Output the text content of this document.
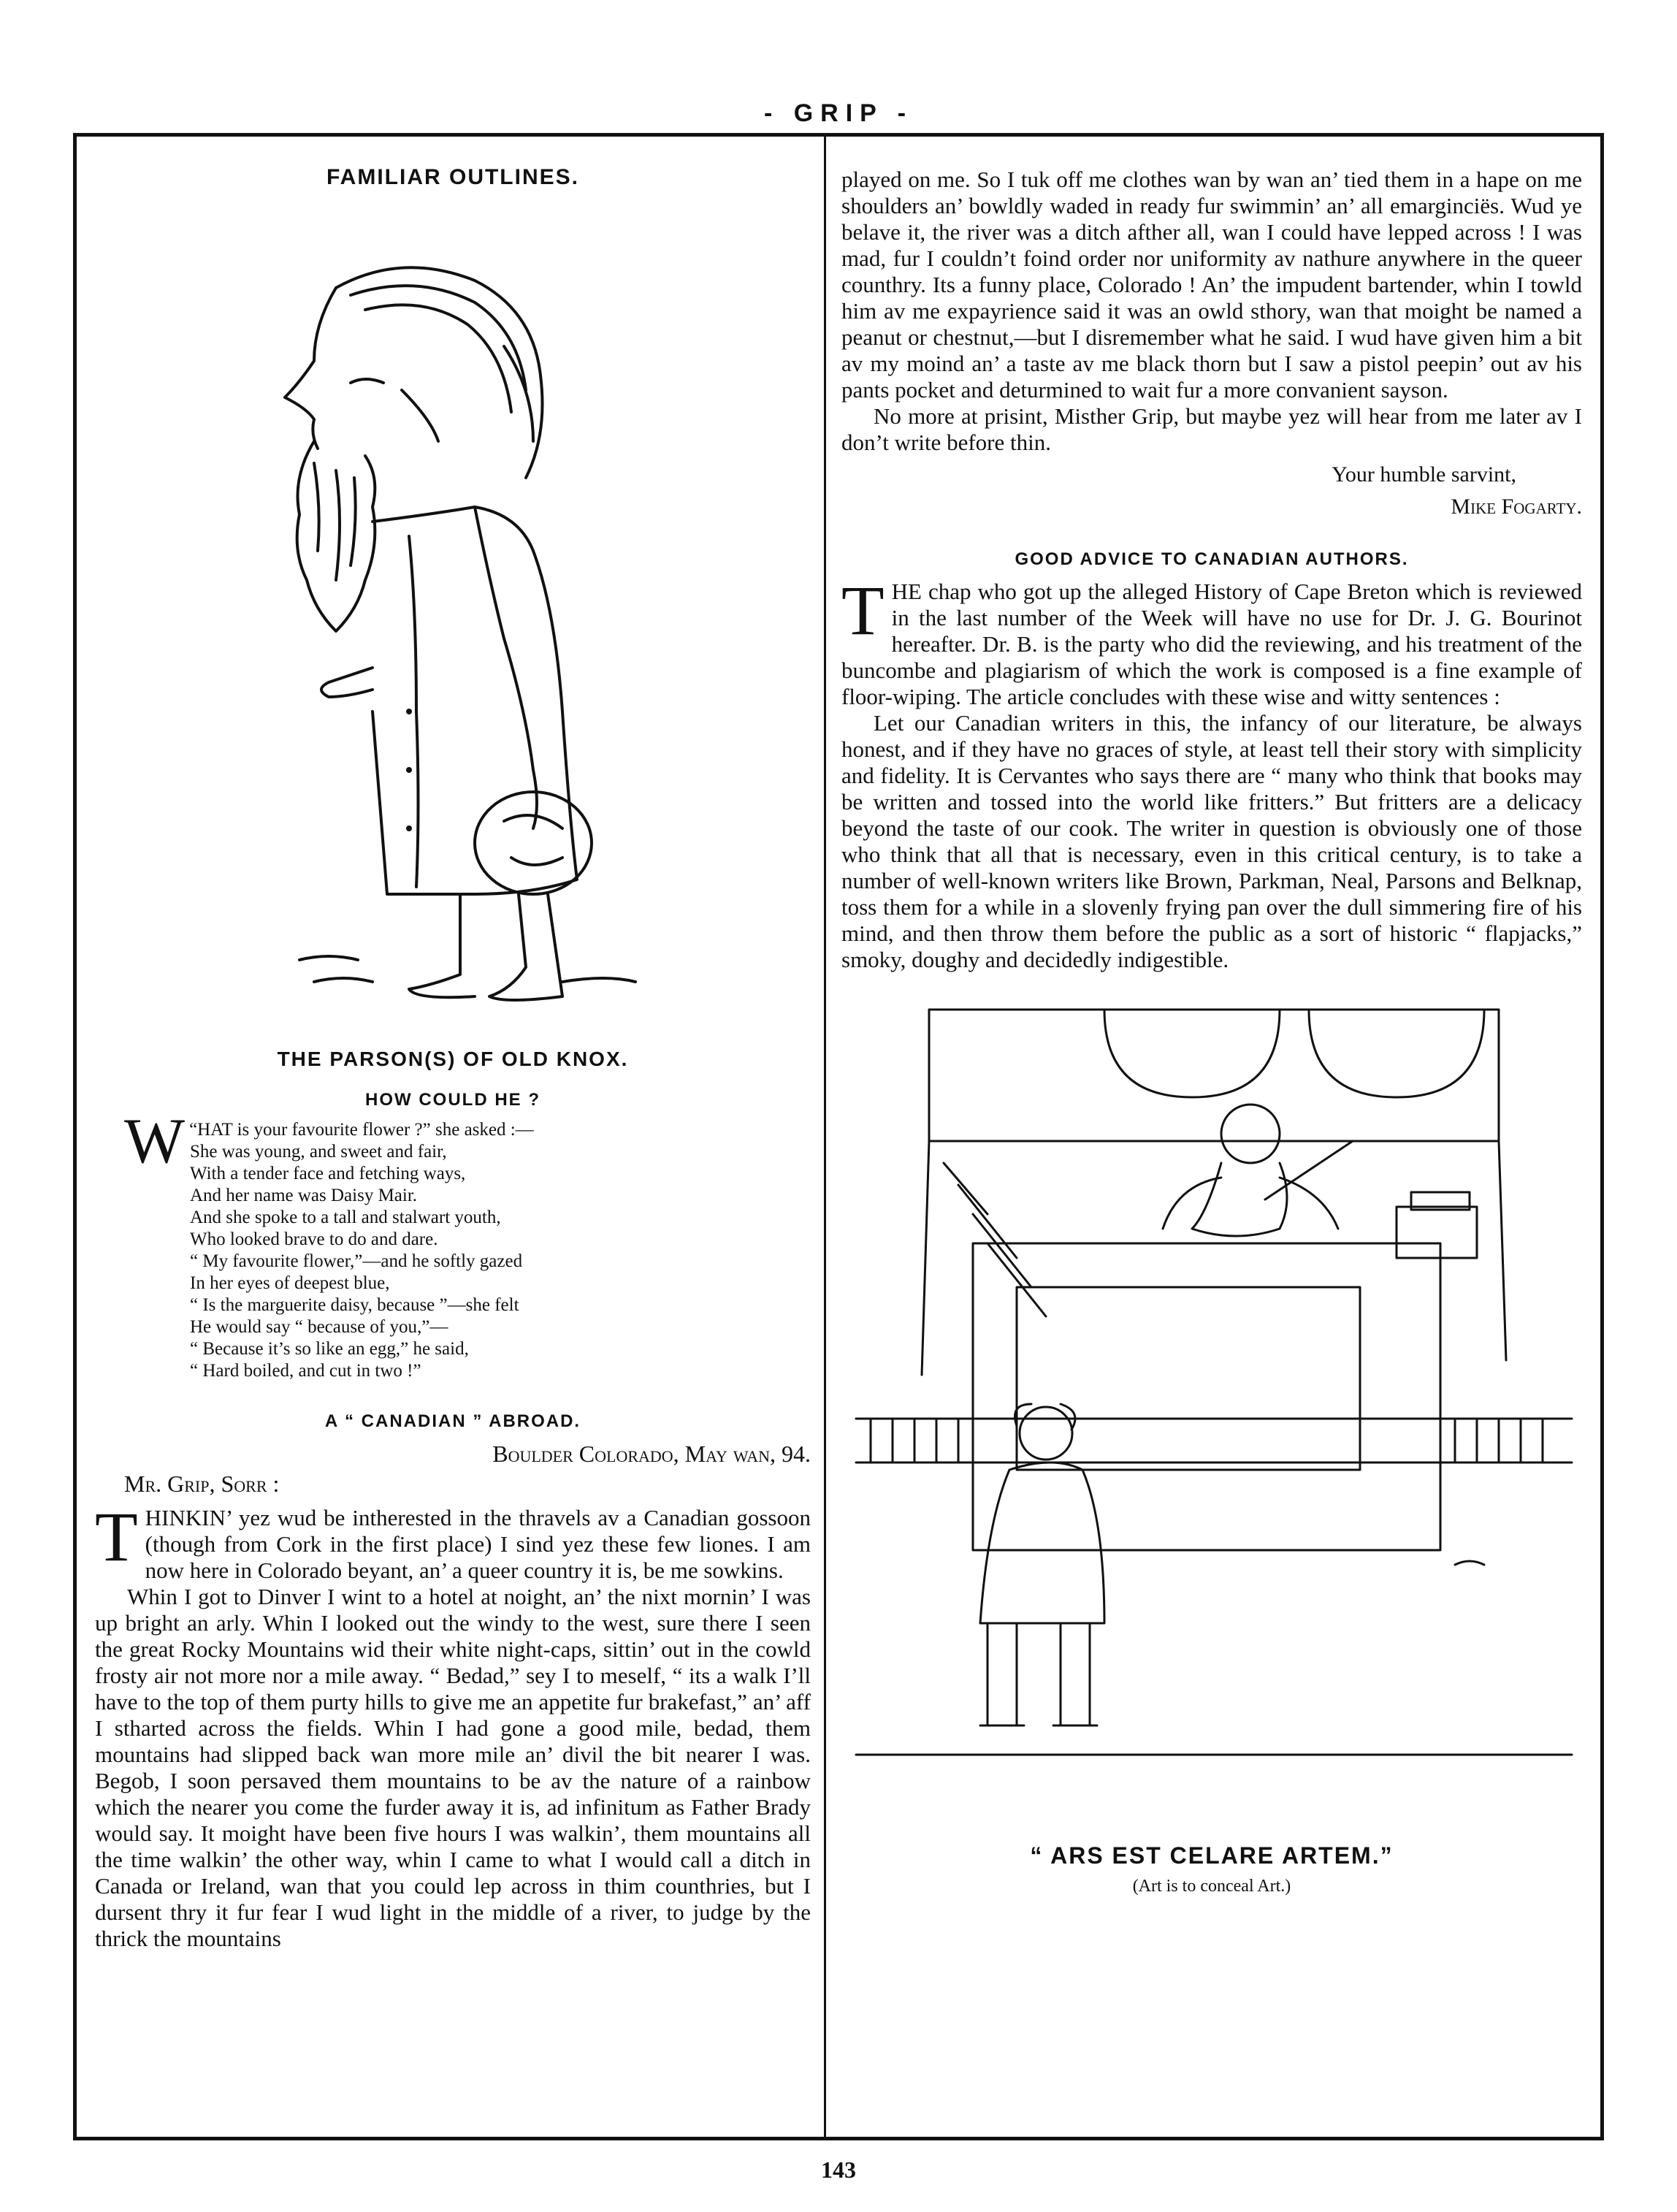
- GRIP -
FAMILIAR OUTLINES.
THE PARSON(S) OF OLD KNOX.
HOW COULD HE ?
“
W HAT is your favourite flower ?” she asked :—
She was young, and sweet and fair,
With a tender face and fetching ways,
And her name was Daisy Mair.
And she spoke to a tall and stalwart youth,
Who looked brave to do and dare.
“ My favourite flower,”—and he softly gazed
In her eyes of deepest blue,
“ Is the marguerite daisy, because ”—she felt
He would say “ because of you,”—
“ Because it’s so like an egg,” he said,
“ Hard boiled, and cut in two !”
A “ CANADIAN ” ABROAD.
Boulder Colorado, May wan, 94.
Mr. Grip, Sorr :

THINKIN’ yez wud be intherested in the thravels av a Canadian gossoon (though from Cork in the first place) I sind yez these few liones. I am now here in Colorado beyant, an’ a queer country it is, be me sowkins.

Whin I got to Dinver I wint to a hotel at noight, an’ the nixt mornin’ I was up bright an arly. Whin I looked out the windy to the west, sure there I seen the great Rocky Mountains wid their white night-caps, sittin’ out in the cowld frosty air not more nor a mile away. “ Bedad,” sey I to meself, “ its a walk I’ll have to the top of them purty hills to give me an appetite fur brakefast,” an’ aff I stharted across the fields. Whin I had gone a good mile, bedad, them mountains had slipped back wan more mile an’ divil the bit nearer I was. Begob, I soon persaved them mountains to be av the nature of a rainbow which the nearer you come the furder away it is, ad infinitum as Father Brady would say. It moight have been five hours I was walkin’, them mountains all the time walkin’ the other way, whin I came to what I would call a ditch in Canada or Ireland, wan that you could lep across in thim counthries, but I dursent thry it fur fear I wud light in the middle of a river, to judge by the thrick the mountains

played on me. So I tuk off me clothes wan by wan an’ tied them in a hape on me shoulders an’ bowldly waded in ready fur swimmin’ an’ all emarginciës. Wud ye belave it, the river was a ditch afther all, wan I could have lepped across ! I was mad, fur I couldn’t foind order nor uniformity av nathure anywhere in the queer counthry. Its a funny place, Colorado ! An’ the impudent bartender, whin I towld him av me expayrience said it was an owld sthory, wan that moight be named a peanut or chestnut,—but I disremember what he said. I wud have given him a bit av my moind an’ a taste av me black thorn but I saw a pistol peepin’ out av his pants pocket and deturmined to wait fur a more convanient sayson.

No more at prisint, Misther Grip, but maybe yez will hear from me later av I don’t write before thin.

Your humble sarvint,
Mike Fogarty.
GOOD ADVICE TO CANADIAN AUTHORS.

THE chap who got up the alleged History of Cape Breton which is reviewed in the last number of the Week will have no use for Dr. J. G. Bourinot hereafter. Dr. B. is the party who did the reviewing, and his treatment of the buncombe and plagiarism of which the work is composed is a fine example of floor-wiping. The article concludes with these wise and witty sentences :

Let our Canadian writers in this, the infancy of our literature, be always honest, and if they have no graces of style, at least tell their story with simplicity and fidelity. It is Cervantes who says there are “ many who think that books may be written and tossed into the world like fritters.” But fritters are a delicacy beyond the taste of our cook. The writer in question is obviously one of those who think that all that is necessary, even in this critical century, is to take a number of well-known writers like Brown, Parkman, Neal, Parsons and Belknap, toss them for a while in a slovenly frying pan over the dull simmering fire of his mind, and then throw them before the public as a sort of historic “ flapjacks,” smoky, doughy and decidedly indigestible.

“ ARS EST CELARE ARTEM.”
(Art is to conceal Art.)
143
